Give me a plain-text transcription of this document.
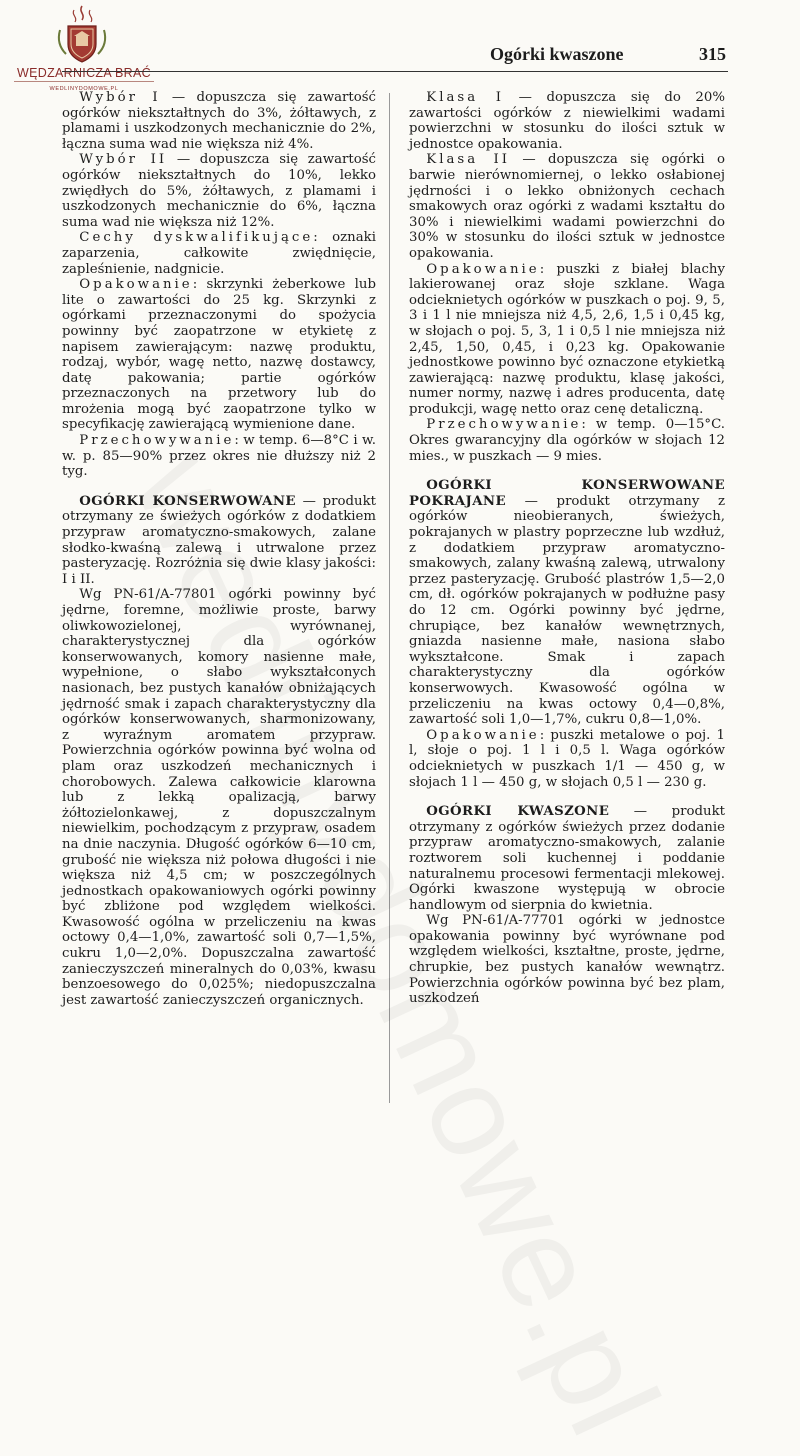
WĘDZARNICZA BRAĆ
WEDLINYDOMOWE.PL
Ogórki kwaszone	315

Wybór I — dopuszcza się zawartość ogórków niekształtnych do 3%, żółtawych, z plamami i uszkodzonych mechanicznie do 2%, łączna suma wad nie większa niż 4%.

Wybór II — dopuszcza się zawartość ogórków niekształtnych do 10%, lekko zwiędłych do 5%, żółtawych, z plamami i uszkodzonych mechanicznie do 6%, łączna suma wad nie większa niż 12%.

Cechy dyskwalifikujące: oznaki zaparzenia, całkowite zwiędnięcie, zapleśnienie, nadgnicie.

Opakowanie: skrzynki żeberkowe lub lite o zawartości do 25 kg. Skrzynki z ogórkami przeznaczonymi do spożycia powinny być zaopatrzone w etykietę z napisem zawierającym: nazwę produktu, rodzaj, wybór, wagę netto, nazwę dostawcy, datę pakowania; partie ogórków przeznaczonych na przetwory lub do mrożenia mogą być zaopatrzone tylko w specyfikację zawierającą wymienione dane.

Przechowywanie: w temp. 6—8°C i w. w. p. 85—90% przez okres nie dłuższy niż 2 tyg.

OGÓRKI KONSERWOWANE — produkt otrzymany ze świeżych ogórków z dodatkiem przypraw aromatyczno-smakowych, zalane słodko-kwaśną zalewą i utrwalone przez pasteryzację. Rozróżnia się dwie klasy jakości: I i II.

Wg PN-61/A-77801 ogórki powinny być jędrne, foremne, możliwie proste, barwy oliwkowozielonej, wyrównanej, charakterystycznej dla ogórków konserwowanych, komory nasienne małe, wypełnione, o słabo wykształconych nasionach, bez pustych kanałów obniżających jędrność smak i zapach charakterystyczny dla ogórków konserwowanych, sharmonizowany, z wyraźnym aromatem przypraw. Powierzchnia ogórków powinna być wolna od plam oraz uszkodzeń mechanicznych i chorobowych. Zalewa całkowicie klarowna lub z lekką opalizacją, barwy żółtozielonkawej, z dopuszczalnym niewielkim, pochodzącym z przypraw, osadem na dnie naczynia. Długość ogórków 6—10 cm, grubość nie większa niż połowa długości i nie większa niż 4,5 cm; w poszczególnych jednostkach opakowaniowych ogórki powinny być zbliżone pod względem wielkości. Kwasowość ogólna w przeliczeniu na kwas octowy 0,4—1,0%, zawartość soli 0,7—1,5%, cukru 1,0—2,0%. Dopuszczalna zawartość zanieczyszczeń mineralnych do 0,03%, kwasu benzoesowego do 0,025%; niedopuszczalna jest zawartość zanieczyszczeń organicznych.

Klasa I — dopuszcza się do 20% zawartości ogórków z niewielkimi wadami powierzchni w stosunku do ilości sztuk w jednostce opakowania.

Klasa II — dopuszcza się ogórki o barwie nierównomiernej, o lekko osłabionej jędrności i o lekko obniżonych cechach smakowych oraz ogórki z wadami kształtu do 30% i niewielkimi wadami powierzchni do 30% w stosunku do ilości sztuk w jednostce opakowania.

Opakowanie: puszki z białej blachy lakierowanej oraz słoje szklane. Waga odcieknietych ogórków w puszkach o poj. 9, 5, 3 i 1 l nie mniejsza niż 4,5, 2,6, 1,5 i 0,45 kg, w słojach o poj. 5, 3, 1 i 0,5 l nie mniejsza niż 2,45, 1,50, 0,45, i 0,23 kg. Opakowanie jednostkowe powinno być oznaczone etykietką zawierającą: nazwę produktu, klasę jakości, numer normy, nazwę i adres producenta, datę produkcji, wagę netto oraz cenę detaliczną.

Przechowywanie: w temp. 0—15°C. Okres gwarancyjny dla ogórków w słojach 12 mies., w puszkach — 9 mies.

OGÓRKI KONSERWOWANE POKRAJANE — produkt otrzymany z ogórków nieobieranych, świeżych, pokrajanych w plastry poprzeczne lub wzdłuż, z dodatkiem przypraw aromatyczno-smakowych, zalany kwaśną zalewą, utrwalony przez pasteryzację. Grubość plastrów 1,5—2,0 cm, dł. ogórków pokrajanych w podłużne pasy do 12 cm. Ogórki powinny być jędrne, chrupiące, bez kanałów wewnętrznych, gniazda nasienne małe, nasiona słabo wykształcone. Smak i zapach charakterystyczny dla ogórków konserwowych. Kwasowość ogólna w przeliczeniu na kwas octowy 0,4—0,8%, zawartość soli 1,0—1,7%, cukru 0,8—1,0%.

Opakowanie: puszki metalowe o poj. 1 l, słoje o poj. 1 l i 0,5 l. Waga ogórków odcieknietych w puszkach 1/1 — 450 g, w słojach 1 l — 450 g, w słojach 0,5 l — 230 g.

OGÓRKI KWASZONE — produkt otrzymany z ogórków świeżych przez dodanie przypraw aromatyczno-smakowych, zalanie roztworem soli kuchennej i poddanie naturalnemu procesowi fermentacji mlekowej. Ogórki kwaszone występują w obrocie handlowym od sierpnia do kwietnia.

Wg PN-61/A-77701 ogórki w jednostce opakowania powinny być wyrównane pod względem wielkości, kształtne, proste, jędrne, chrupkie, bez pustych kanałów wewnątrz. Powierzchnia ogórków powinna być bez plam, uszkodzeń
